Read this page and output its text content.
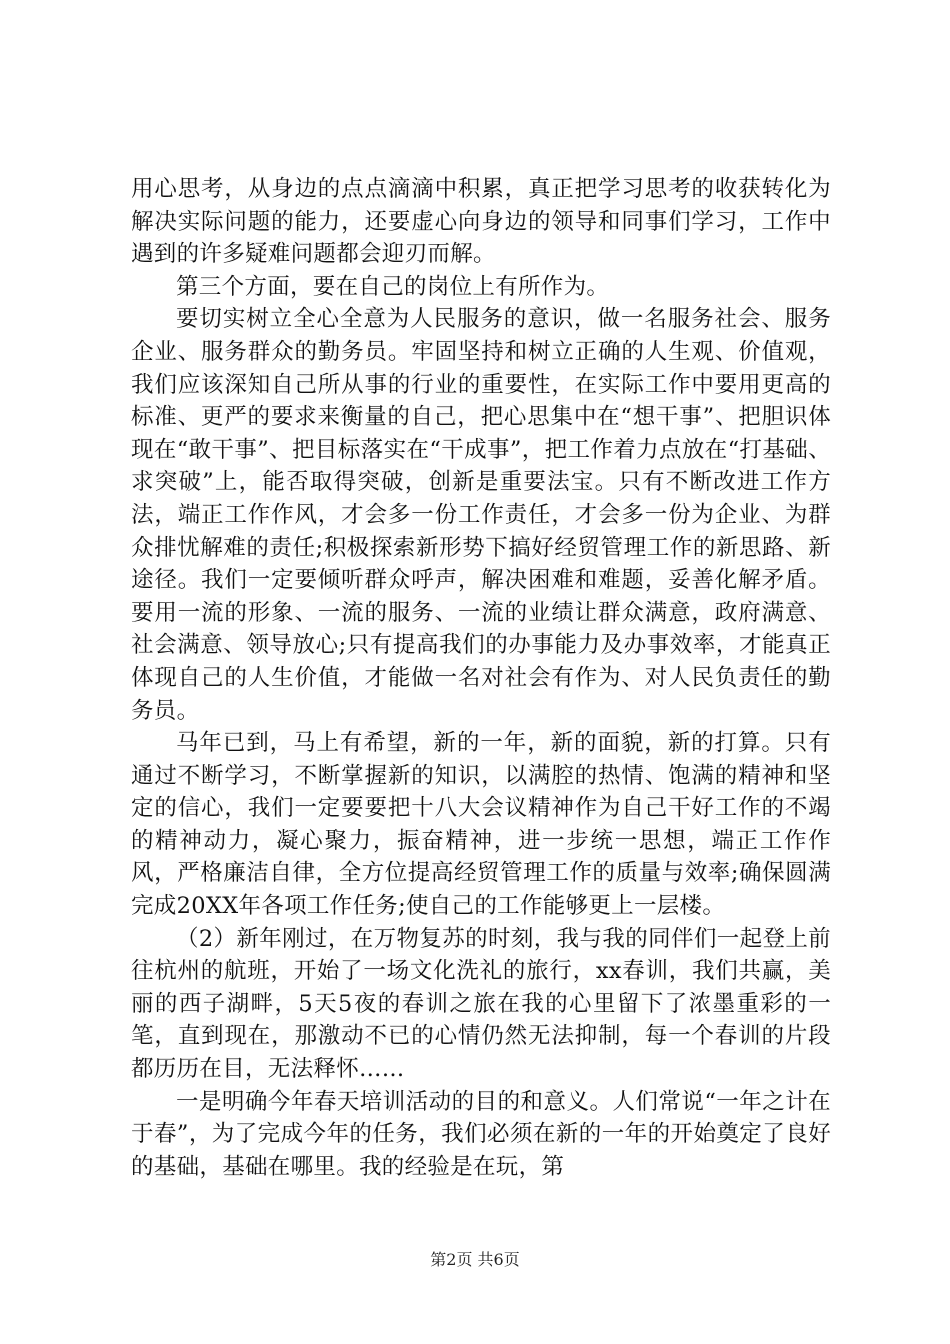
用心思考，从身边的点点滴滴中积累，真正把学习思考的收获转化为解决实际问题的能力，还要虚心向身边的领导和同事们学习，工作中遇到的许多疑难问题都会迎刃而解。

第三个方面，要在自己的岗位上有所作为。

要切实树立全心全意为人民服务的意识，做一名服务社会、服务企业、服务群众的勤务员。牢固坚持和树立正确的人生观、价值观，我们应该深知自己所从事的行业的重要性，在实际工作中要用更高的标准、更严的要求来衡量的自己，把心思集中在“想干事”、把胆识体现在“敢干事”、把目标落实在“干成事”，把工作着力点放在“打基础、求突破”上，能否取得突破，创新是重要法宝。只有不断改进工作方法，端正工作作风，才会多一份工作责任，才会多一份为企业、为群众排忧解难的责任;积极探索新形势下搞好经贸管理工作的新思路、新途径。我们一定要倾听群众呼声，解决困难和难题，妥善化解矛盾。要用一流的形象、一流的服务、一流的业绩让群众满意，政府满意、社会满意、领导放心;只有提高我们的办事能力及办事效率，才能真正体现自己的人生价值，才能做一名对社会有作为、对人民负责任的勤务员。

马年已到，马上有希望，新的一年，新的面貌，新的打算。只有通过不断学习，不断掌握新的知识，以满腔的热情、饱满的精神和坚定的信心，我们一定要要把十八大会议精神作为自己干好工作的不竭的精神动力，凝心聚力，振奋精神，进一步统一思想，端正工作作风，严格廉洁自律，全方位提高经贸管理工作的质量与效率;确保圆满完成20XX年各项工作任务;使自己的工作能够更上一层楼。

（2）新年刚过，在万物复苏的时刻，我与我的同伴们一起登上前往杭州的航班，开始了一场文化洗礼的旅行，xx春训，我们共赢，美丽的西子湖畔，5天5夜的春训之旅在我的心里留下了浓墨重彩的一笔，直到现在，那激动不已的心情仍然无法抑制，每一个春训的片段都历历在目，无法释怀……

一是明确今年春天培训活动的目的和意义。人们常说“一年之计在于春”，为了完成今年的任务，我们必须在新的一年的开始奠定了良好的基础，基础在哪里。我的经验是在玩，第

第2页 共6页
